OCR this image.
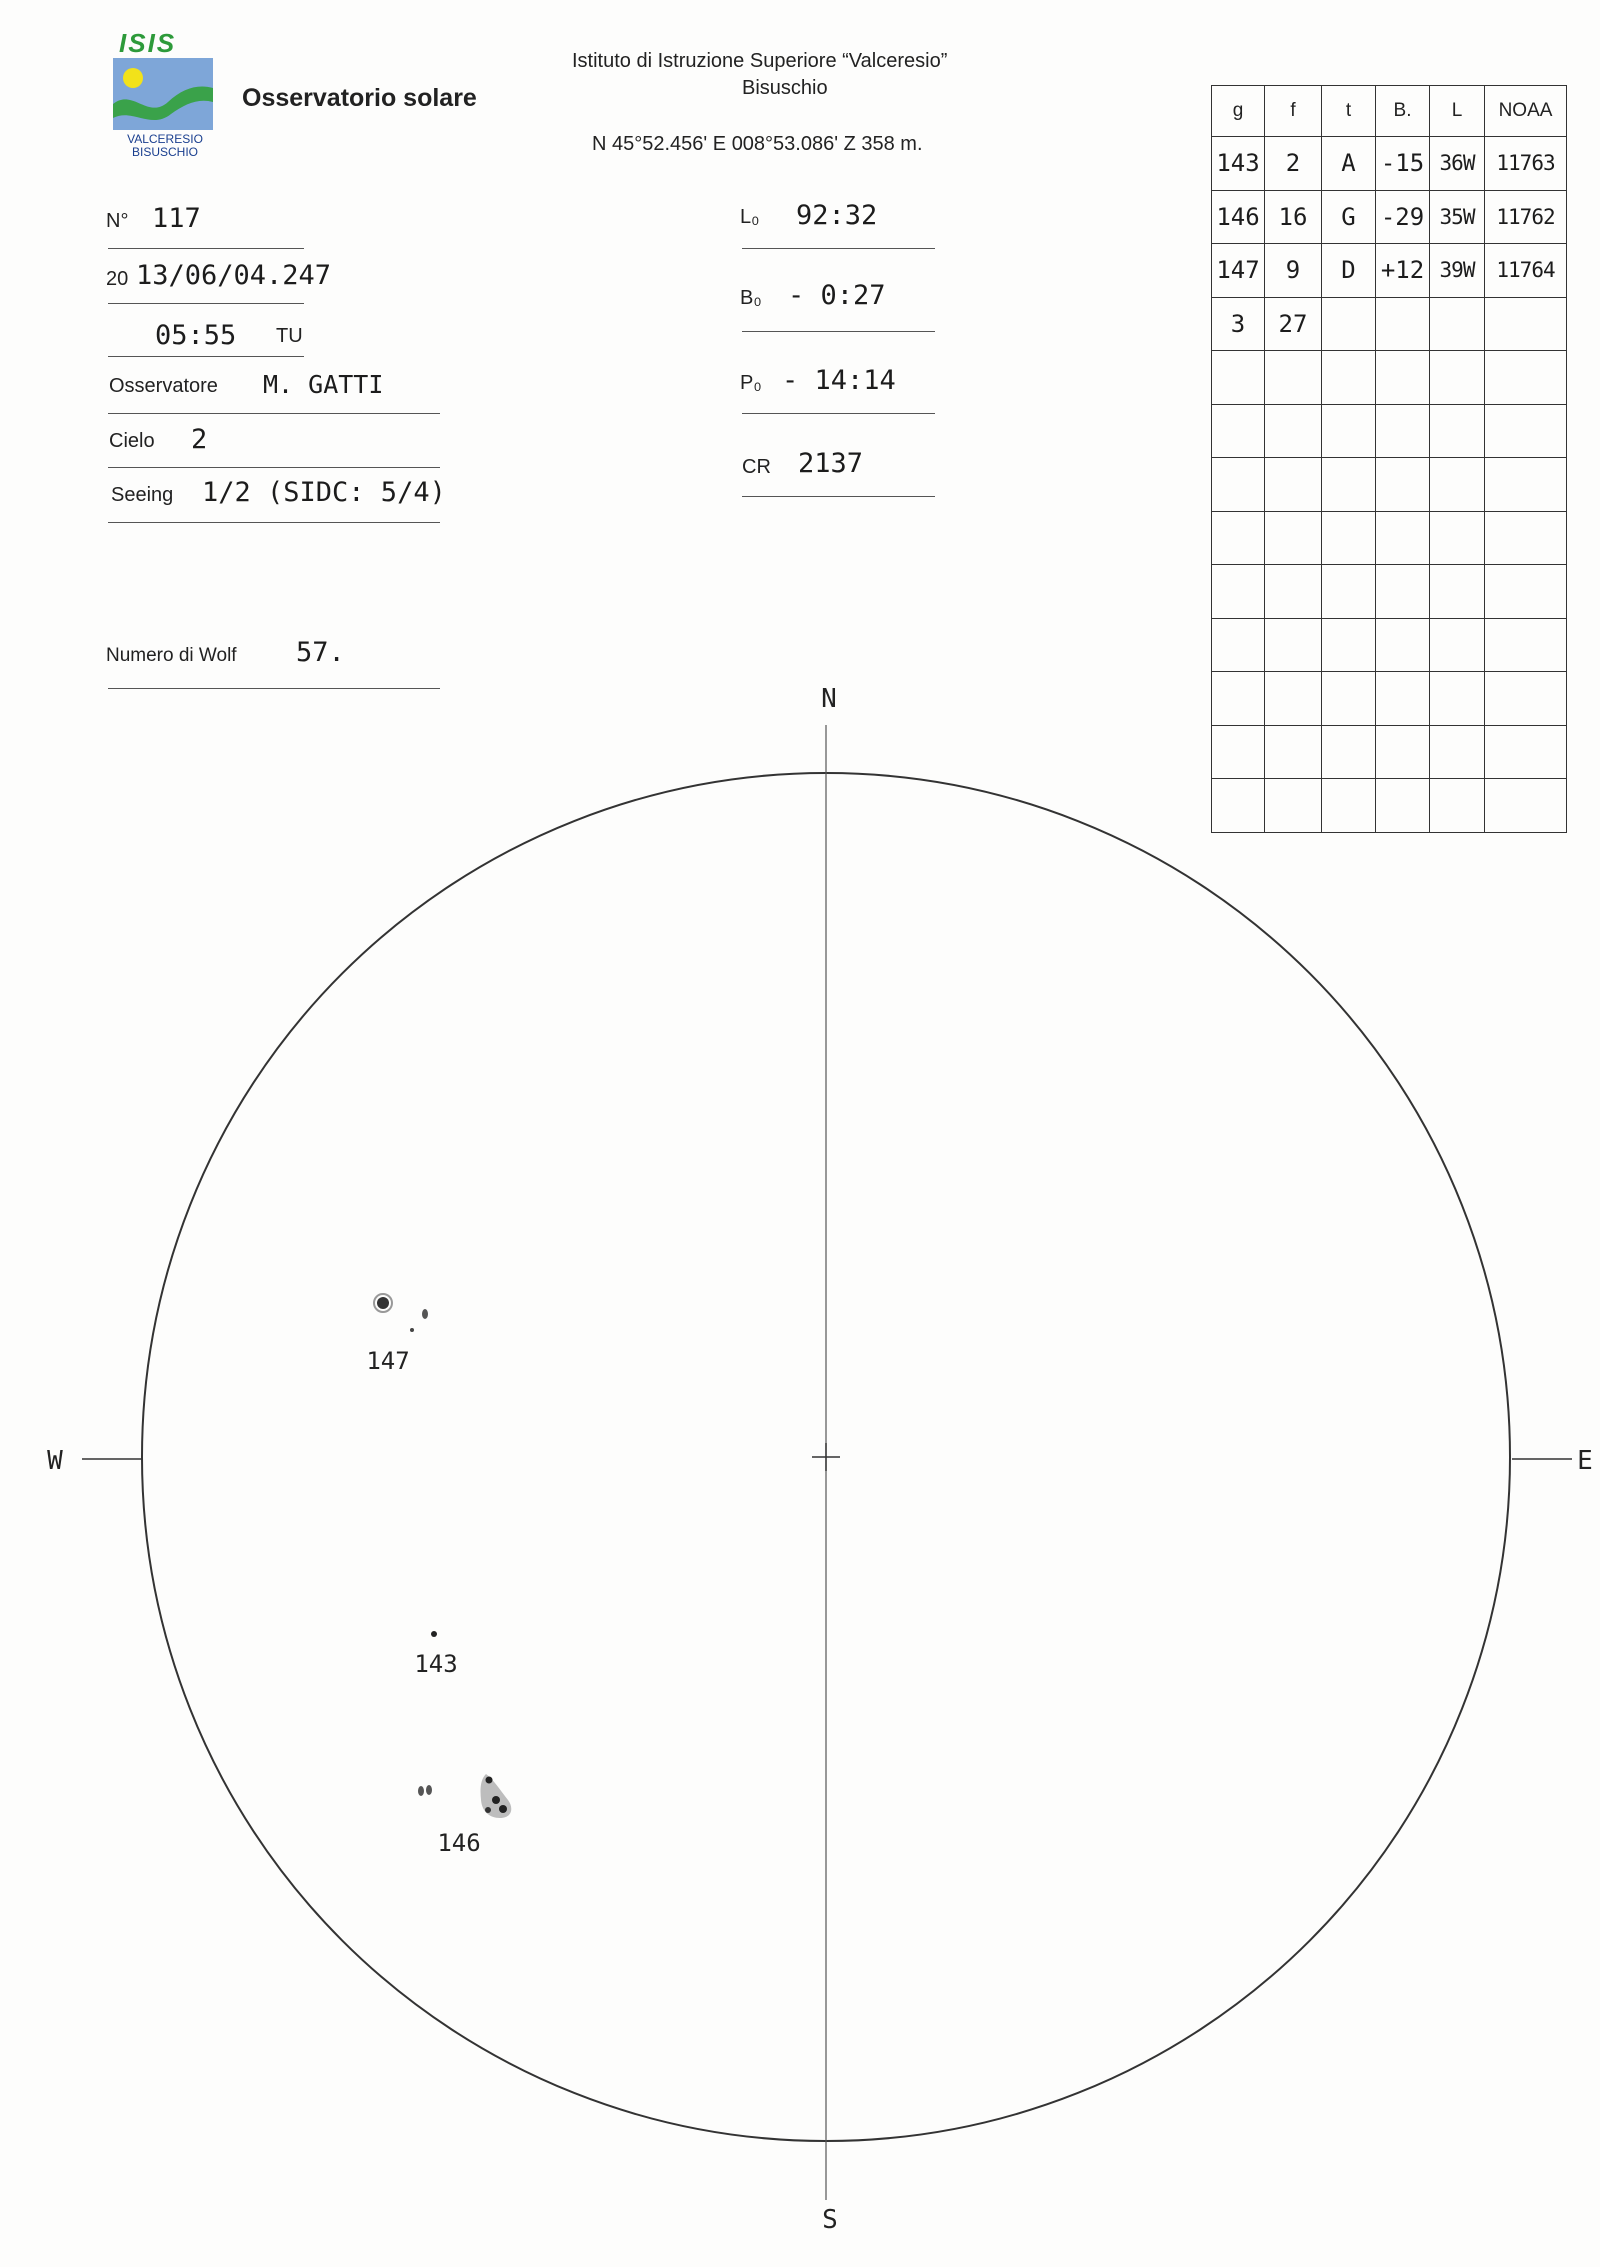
ISIS
VALCERESIO
BISUSCHIO
Osservatorio solare
Istituto di Istruzione Superiore “Valceresio”
Bisuschio
N 45°52.456' E 008°53.086' Z 358 m.
N° 117
20 13/06/04.247
05:55 TU
Osservatore M. GATTI
Cielo 2
Seeing 1/2 (SIDC: 5/4)
Numero di Wolf 57.
L₀ 92:32
B₀ - 0:27
P₀ - 14:14
CR 2137
g	f	t	B.	L	NOAA
143	2	A	-15	36W	11763
146	16	G	-29	35W	11762
147	9	D	+12	39W	11764
3	27				

N
S
W	E
147
143
146
